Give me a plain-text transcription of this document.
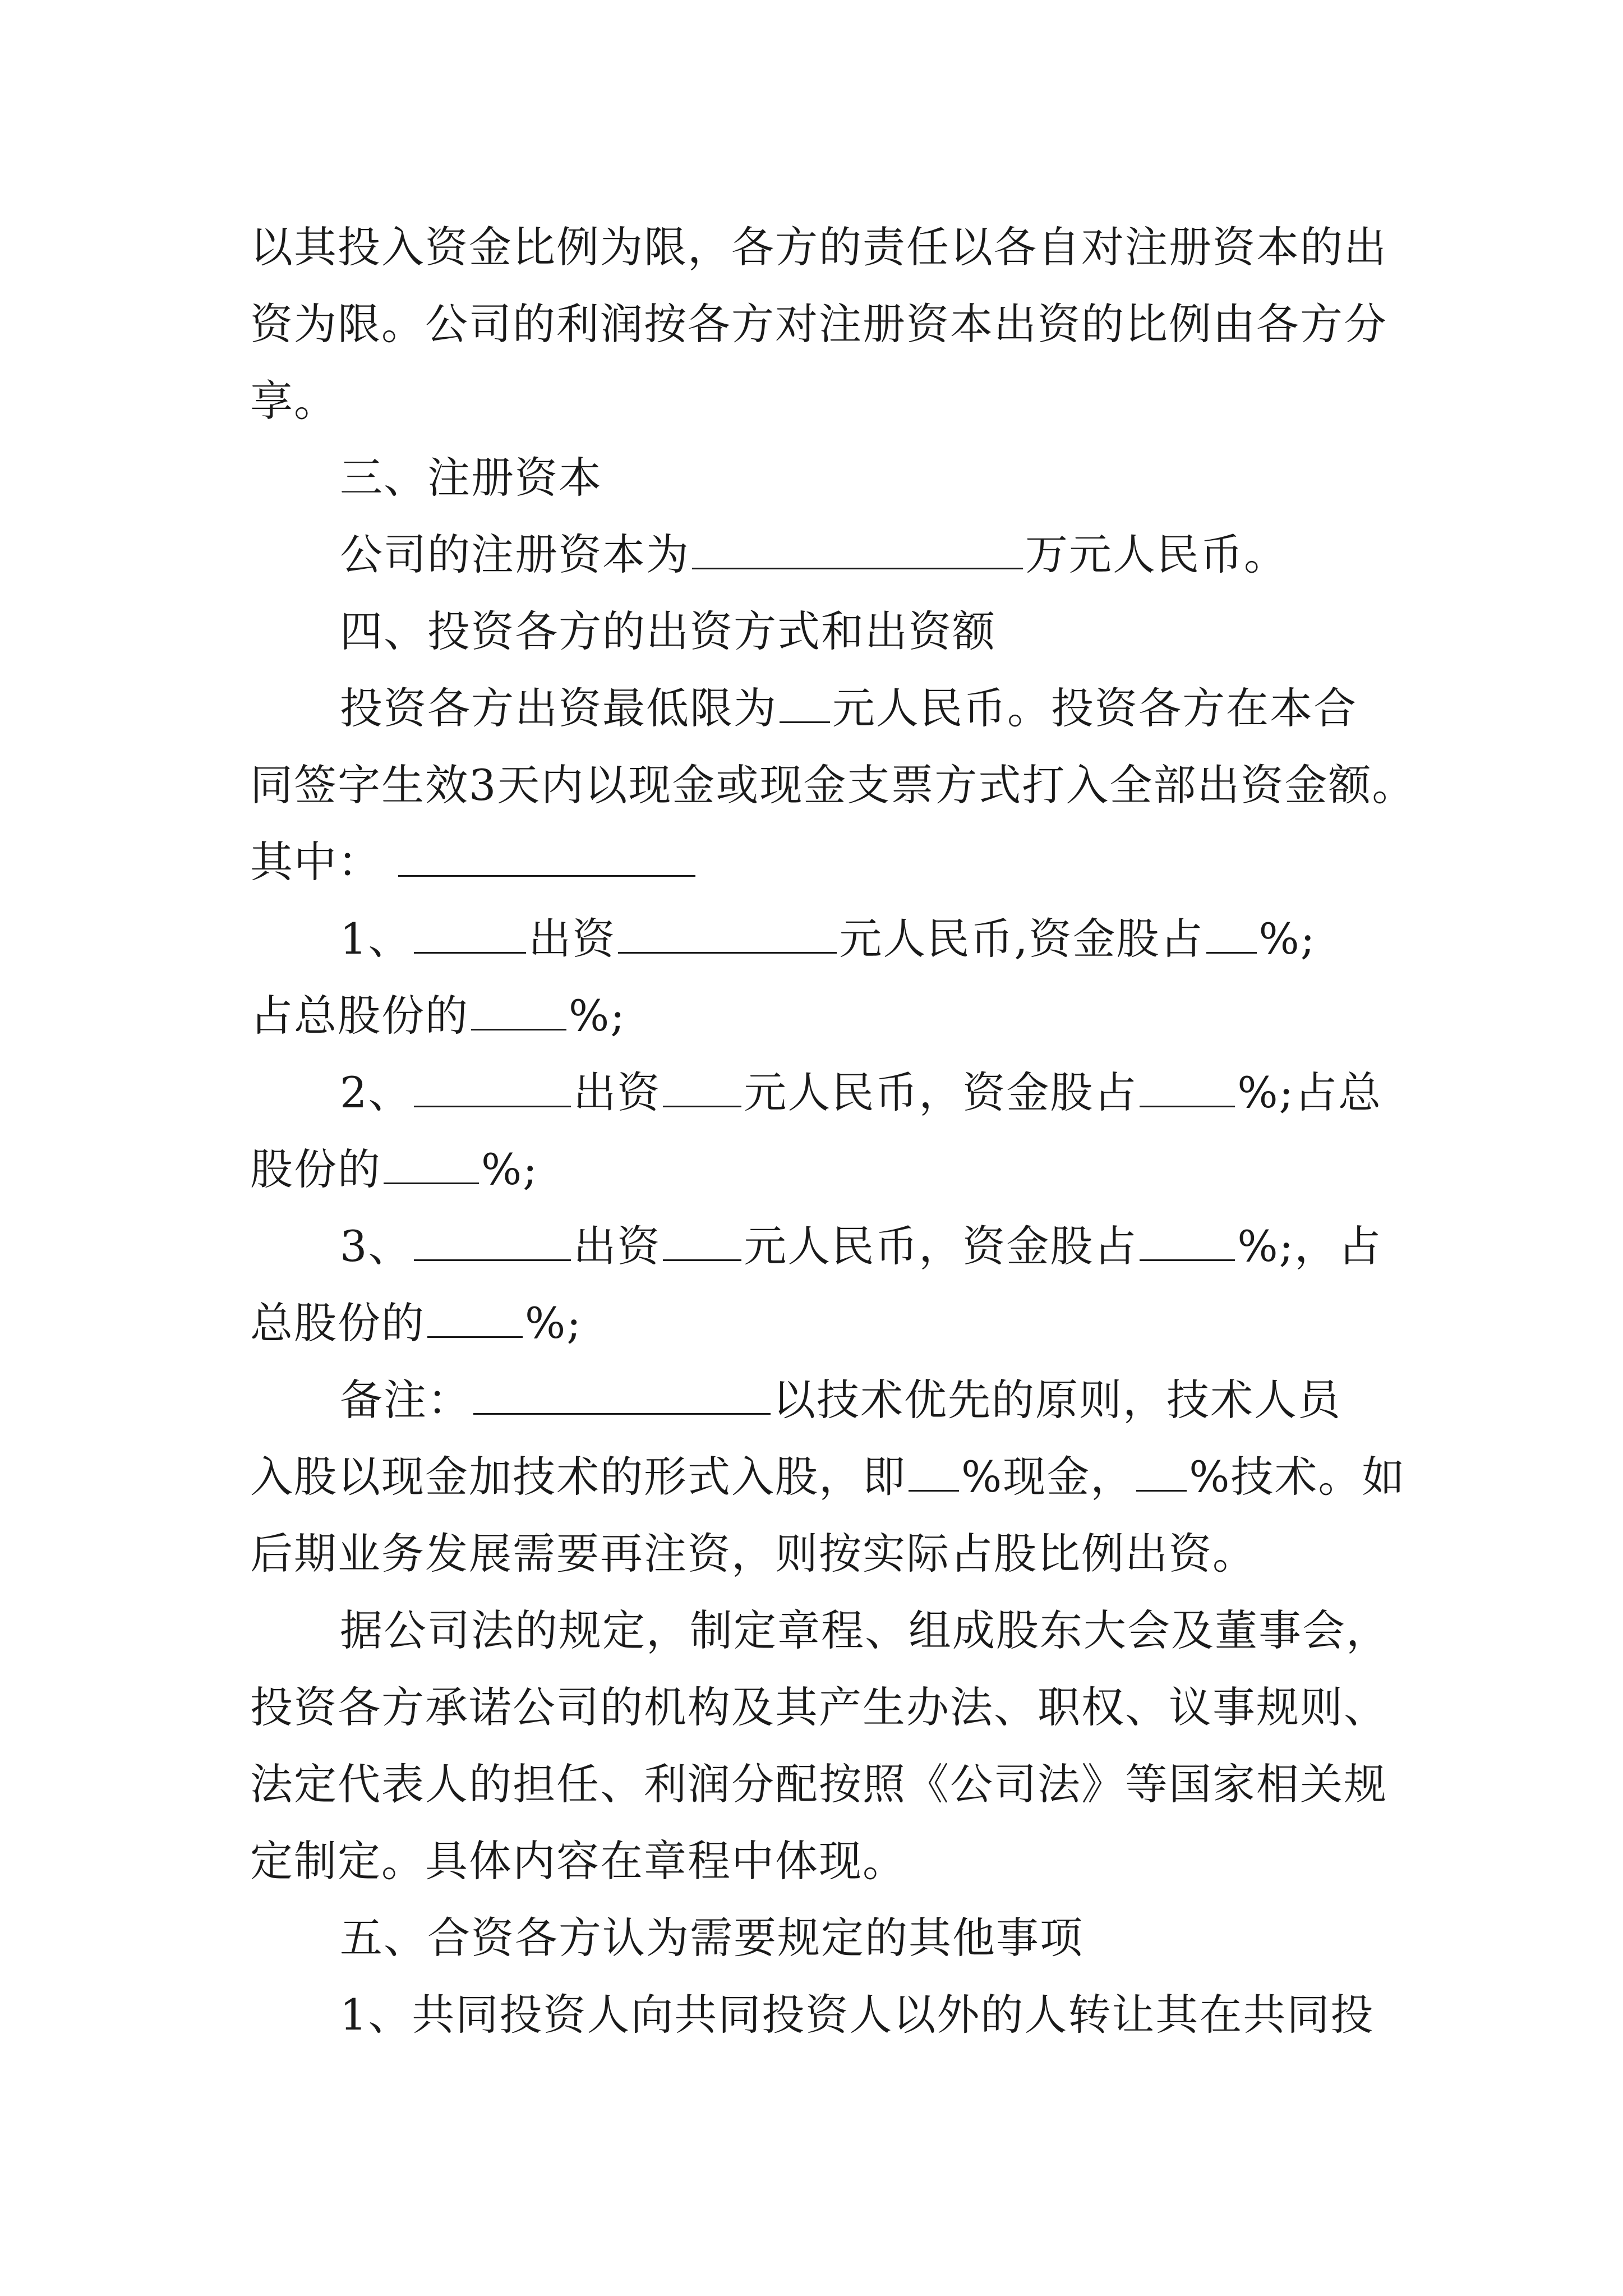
以其投入资金比例为限，各方的责任以各自对注册资本的出
资为限。公司的利润按各方对注册资本出资的比例由各方分
享。
三、注册资本
公司的注册资本为	万元人民币。
四、投资各方的出资方式和出资额
投资各方出资最低限为 元人民币。投资各方在本合
同签字生效3天内以现金或现金支票方式打入全部出资金额。
其中：
1、	出资	元人民币,资金股占 %;
占总股份的 %;
2、	出资 元人民币，资金股占 %;占总
股份的 %;
3、	出资 元人民币，资金股占 %;，占
总股份的 %;
备注：	以技术优先的原则，技术人员
入股以现金加技术的形式入股，即 %现金， %技术。如
后期业务发展需要再注资，则按实际占股比例出资。
据公司法的规定，制定章程、组成股东大会及董事会，
投资各方承诺公司的机构及其产生办法、职权、议事规则、
法定代表人的担任、利润分配按照《公司法》等国家相关规
定制定。具体内容在章程中体现。
五、合资各方认为需要规定的其他事项
1、共同投资人向共同投资人以外的人转让其在共同投
